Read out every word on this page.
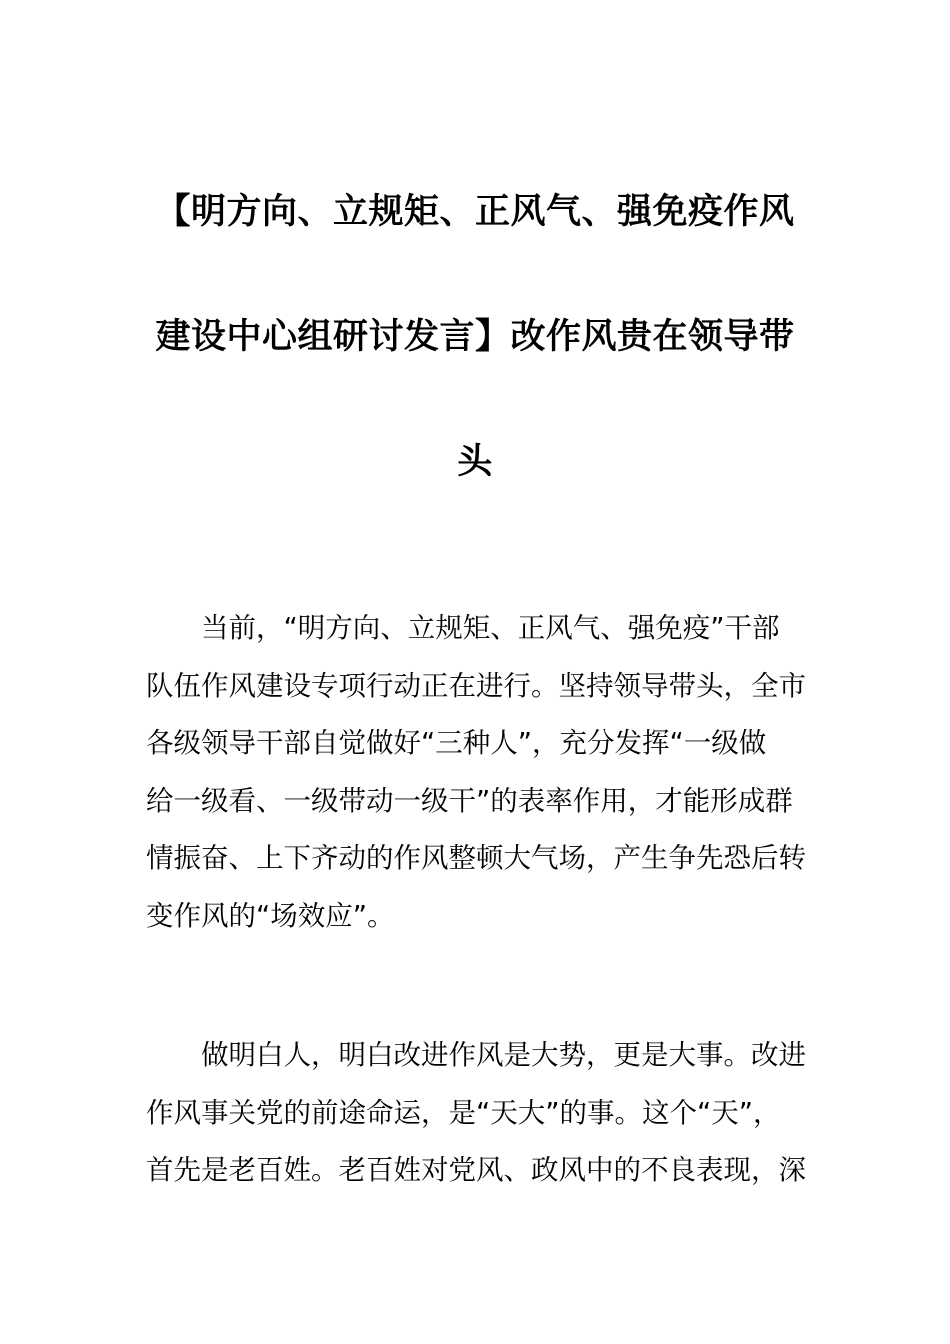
【明方向、立规矩、正风气、强免疫作风
建设中心组研讨发言】改作风贵在领导带
头

当前，“明方向、立规矩、正风气、强免疫”干部
队伍作风建设专项行动正在进行。坚持领导带头，全市
各级领导干部自觉做好“三种人”，充分发挥“一级做
给一级看、一级带动一级干”的表率作用，才能形成群
情振奋、上下齐动的作风整顿大气场，产生争先恐后转
变作风的“场效应”。

做明白人，明白改进作风是大势，更是大事。改进
作风事关党的前途命运，是“天大”的事。这个“天”，
首先是老百姓。老百姓对党风、政风中的不良表现，深
